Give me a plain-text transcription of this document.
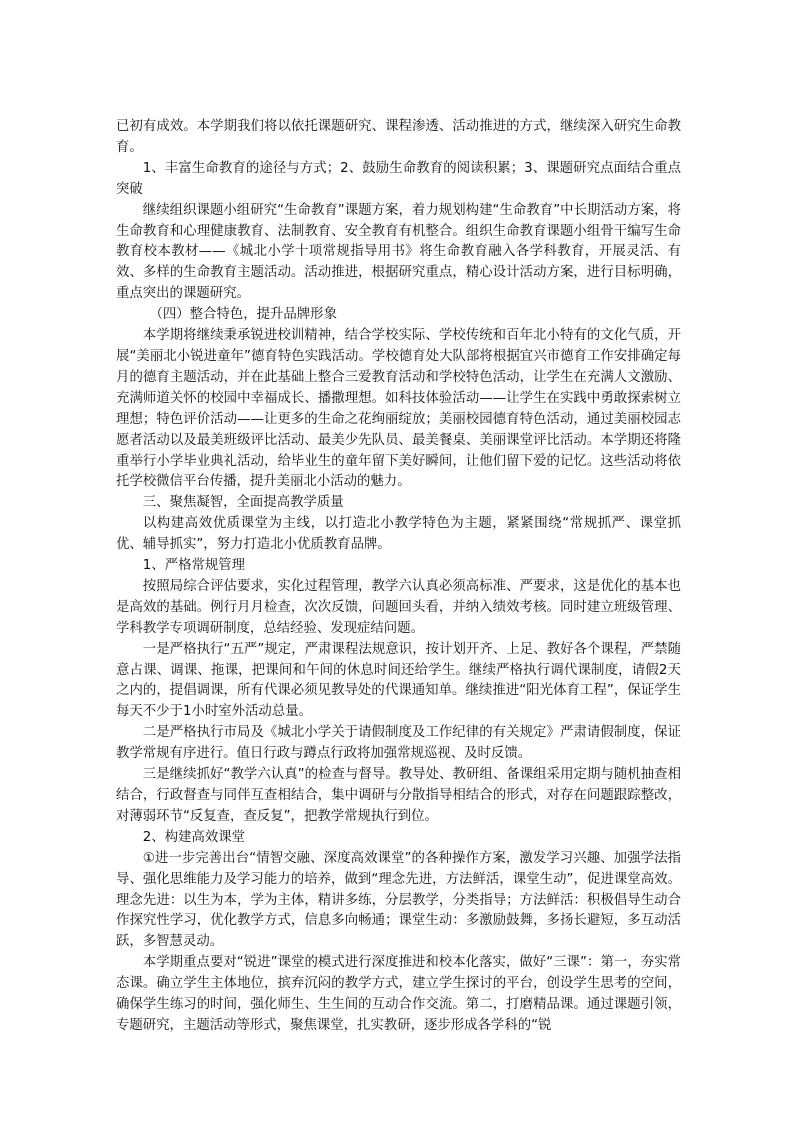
已初有成效。本学期我们将以依托课题研究、课程渗透、活动推进的方式，继续深入研究生命教育。

1、丰富生命教育的途径与方式；2、鼓励生命教育的阅读积累；3、课题研究点面结合重点突破

继续组织课题小组研究“生命教育”课题方案，着力规划构建“生命教育”中长期活动方案，将生命教育和心理健康教育、法制教育、安全教育有机整合。组织生命教育课题小组骨干编写生命教育校本教材——《城北小学十项常规指导用书》将生命教育融入各学科教育，开展灵活、有效、多样的生命教育主题活动。活动推进，根据研究重点，精心设计活动方案，进行目标明确，重点突出的课题研究。

（四）整合特色，提升品牌形象

本学期将继续秉承锐进校训精神，结合学校实际、学校传统和百年北小特有的文化气质，开展“美丽北小锐进童年”德育特色实践活动。学校德育处大队部将根据宜兴市德育工作安排确定每月的德育主题活动，并在此基础上整合三爱教育活动和学校特色活动，让学生在充满人文激励、充满师道关怀的校园中幸福成长、播撒理想。如科技体验活动——让学生在实践中勇敢探索树立理想；特色评价活动——让更多的生命之花绚丽绽放；美丽校园德育特色活动，通过美丽校园志愿者活动以及最美班级评比活动、最美少先队员、最美餐桌、美丽课堂评比活动。本学期还将隆重举行小学毕业典礼活动，给毕业生的童年留下美好瞬间，让他们留下爱的记忆。这些活动将依托学校微信平台传播，提升美丽北小活动的魅力。

三、聚焦凝智，全面提高教学质量

以构建高效优质课堂为主线，以打造北小教学特色为主题，紧紧围绕“常规抓严、课堂抓优、辅导抓实”，努力打造北小优质教育品牌。

1、严格常规管理

按照局综合评估要求，实化过程管理，教学六认真必须高标准、严要求，这是优化的基本也是高效的基础。例行月月检查，次次反馈，问题回头看，并纳入绩效考核。同时建立班级管理、学科教学专项调研制度，总结经验、发现症结问题。

一是严格执行“五严”规定，严肃课程法规意识，按计划开齐、上足、教好各个课程，严禁随意占课、调课、拖课，把课间和午间的休息时间还给学生。继续严格执行调代课制度，请假2天之内的，提倡调课，所有代课必须见教导处的代课通知单。继续推进“阳光体育工程”，保证学生每天不少于1小时室外活动总量。

二是严格执行市局及《城北小学关于请假制度及工作纪律的有关规定》严肃请假制度，保证教学常规有序进行。值日行政与蹲点行政将加强常规巡视、及时反馈。

三是继续抓好“教学六认真”的检查与督导。教导处、教研组、备课组采用定期与随机抽查相结合，行政督查与同伴互查相结合，集中调研与分散指导相结合的形式，对存在问题跟踪整改，对薄弱环节“反复查，查反复”，把教学常规执行到位。

2、构建高效课堂

①进一步完善出台“情智交融、深度高效课堂”的各种操作方案，激发学习兴趣、加强学法指导、强化思维能力及学习能力的培养，做到“理念先进，方法鲜活，课堂生动”，促进课堂高效。理念先进：以生为本，学为主体，精讲多练，分层教学，分类指导；方法鲜活：积极倡导生动合作探究性学习，优化教学方式，信息多向畅通；课堂生动：多激励鼓舞，多扬长避短，多互动活跃，多智慧灵动。

本学期重点要对“锐进”课堂的模式进行深度推进和校本化落实，做好“三课”：第一，夯实常态课。确立学生主体地位，摈弃沉闷的教学方式，建立学生探讨的平台，创设学生思考的空间，确保学生练习的时间，强化师生、生生间的互动合作交流。第二，打磨精品课。通过课题引领，专题研究，主题活动等形式，聚焦课堂，扎实教研，逐步形成各学科的“锐
